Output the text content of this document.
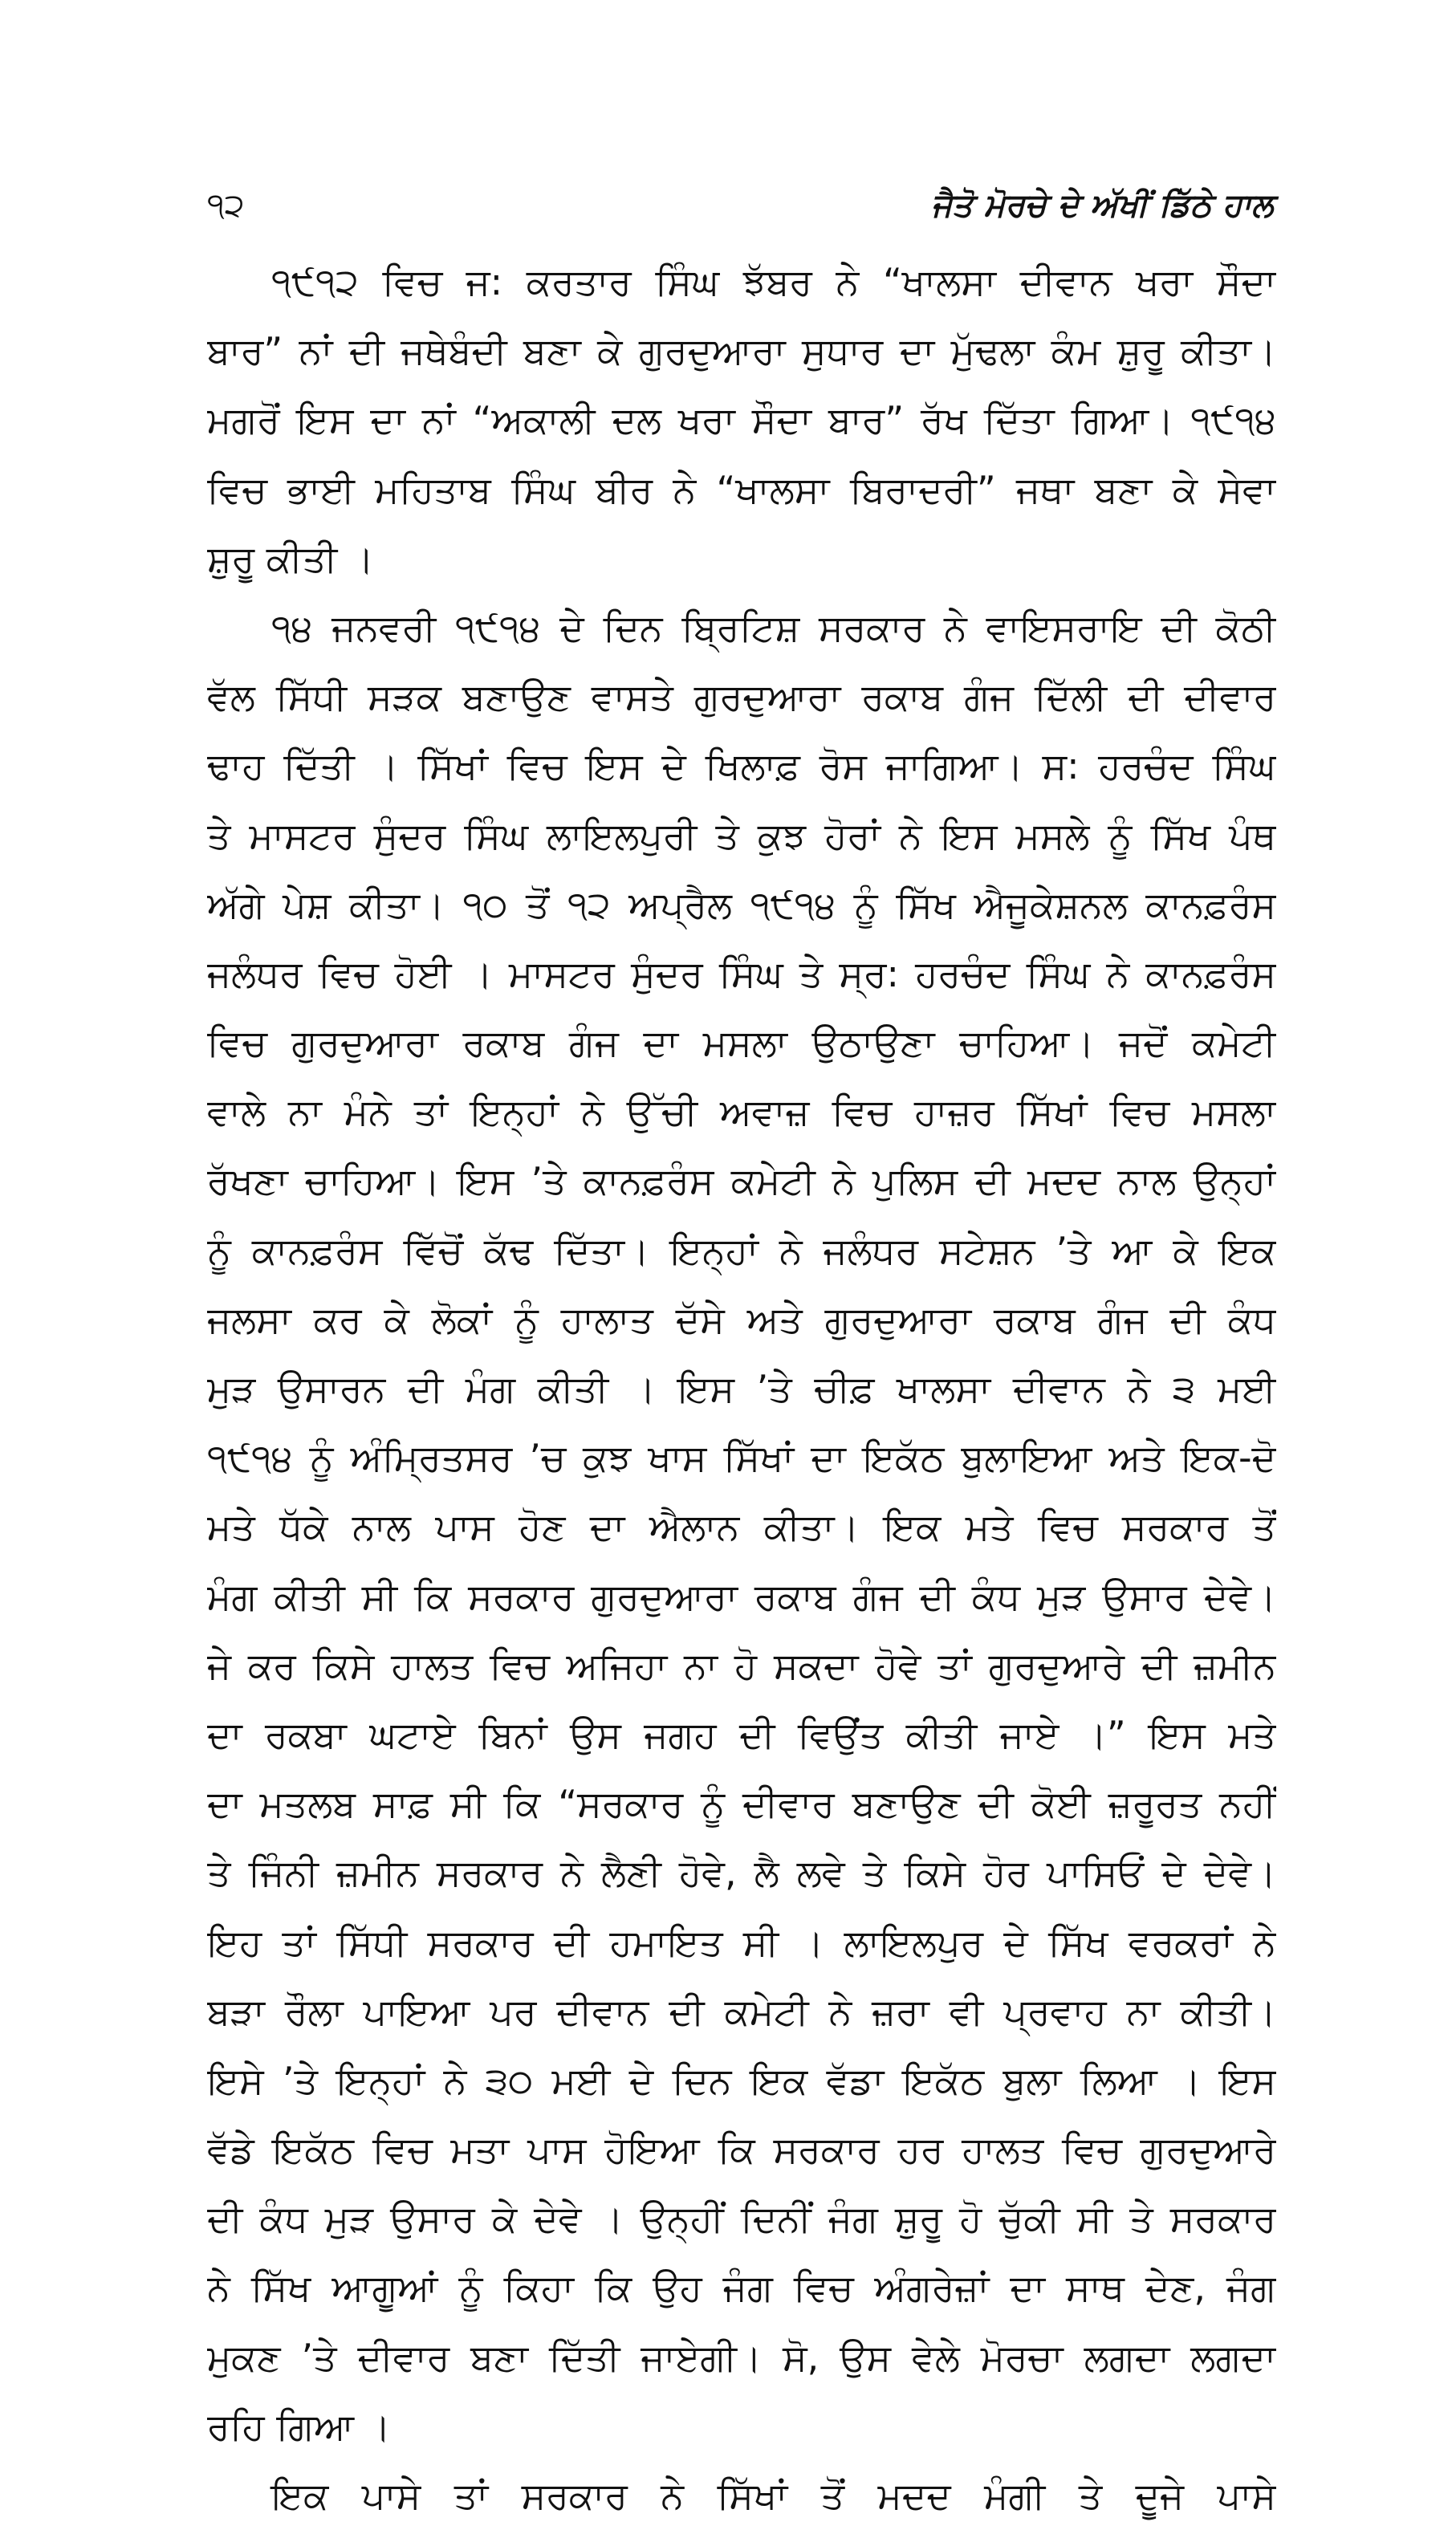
੧੨	ਜੈਤੋ ਮੋਰਚੇ ਦੇ ਅੱਖੀਂ ਡਿੱਠੇ ਹਾਲ
੧੯੧੨ ਵਿਚ ਜ: ਕਰਤਾਰ ਸਿੰਘ ਝੱਬਰ ਨੇ “ਖਾਲਸਾ ਦੀਵਾਨ ਖਰਾ ਸੌਦਾ
ਬਾਰ” ਨਾਂ ਦੀ ਜਥੇਬੰਦੀ ਬਣਾ ਕੇ ਗੁਰਦੁਆਰਾ ਸੁਧਾਰ ਦਾ ਮੁੱਢਲਾ ਕੰਮ ਸ਼ੁਰੂ ਕੀਤਾ।
ਮਗਰੋਂ ਇਸ ਦਾ ਨਾਂ “ਅਕਾਲੀ ਦਲ ਖਰਾ ਸੌਦਾ ਬਾਰ” ਰੱਖ ਦਿੱਤਾ ਗਿਆ। ੧੯੧੪
ਵਿਚ ਭਾਈ ਮਹਿਤਾਬ ਸਿੰਘ ਬੀਰ ਨੇ “ਖਾਲਸਾ ਬਿਰਾਦਰੀ” ਜਥਾ ਬਣਾ ਕੇ ਸੇਵਾ
ਸ਼ੁਰੂ ਕੀਤੀ ।
੧੪ ਜਨਵਰੀ ੧੯੧੪ ਦੇ ਦਿਨ ਬ੍ਰਿਟਿਸ਼ ਸਰਕਾਰ ਨੇ ਵਾਇਸਰਾਇ ਦੀ ਕੋਠੀ
ਵੱਲ ਸਿੱਧੀ ਸੜਕ ਬਣਾਉਣ ਵਾਸਤੇ ਗੁਰਦੁਆਰਾ ਰਕਾਬ ਗੰਜ ਦਿੱਲੀ ਦੀ ਦੀਵਾਰ
ਢਾਹ ਦਿੱਤੀ । ਸਿੱਖਾਂ ਵਿਚ ਇਸ ਦੇ ਖਿਲਾਫ਼ ਰੋਸ ਜਾਗਿਆ। ਸ: ਹਰਚੰਦ ਸਿੰਘ
ਤੇ ਮਾਸਟਰ ਸੁੰਦਰ ਸਿੰਘ ਲਾਇਲਪੁਰੀ ਤੇ ਕੁਝ ਹੋਰਾਂ ਨੇ ਇਸ ਮਸਲੇ ਨੂੰ ਸਿੱਖ ਪੰਥ
ਅੱਗੇ ਪੇਸ਼ ਕੀਤਾ। ੧੦ ਤੋਂ ੧੨ ਅਪ੍ਰੈਲ ੧੯੧੪ ਨੂੰ ਸਿੱਖ ਐਜੂਕੇਸ਼ਨਲ ਕਾਨਫ਼ਰੰਸ
ਜਲੰਧਰ ਵਿਚ ਹੋਈ । ਮਾਸਟਰ ਸੁੰਦਰ ਸਿੰਘ ਤੇ ਸ੍ਰ: ਹਰਚੰਦ ਸਿੰਘ ਨੇ ਕਾਨਫ਼ਰੰਸ
ਵਿਚ ਗੁਰਦੁਆਰਾ ਰਕਾਬ ਗੰਜ ਦਾ ਮਸਲਾ ਉਠਾਉਣਾ ਚਾਹਿਆ। ਜਦੋਂ ਕਮੇਟੀ
ਵਾਲੇ ਨਾ ਮੰਨੇ ਤਾਂ ਇਨ੍ਹਾਂ ਨੇ ਉੱਚੀ ਅਵਾਜ਼ ਵਿਚ ਹਾਜ਼ਰ ਸਿੱਖਾਂ ਵਿਚ ਮਸਲਾ
ਰੱਖਣਾ ਚਾਹਿਆ। ਇਸ ’ਤੇ ਕਾਨਫ਼ਰੰਸ ਕਮੇਟੀ ਨੇ ਪੁਲਿਸ ਦੀ ਮਦਦ ਨਾਲ ਉਨ੍ਹਾਂ
ਨੂੰ ਕਾਨਫ਼ਰੰਸ ਵਿੱਚੋਂ ਕੱਢ ਦਿੱਤਾ। ਇਨ੍ਹਾਂ ਨੇ ਜਲੰਧਰ ਸਟੇਸ਼ਨ ’ਤੇ ਆ ਕੇ ਇਕ
ਜਲਸਾ ਕਰ ਕੇ ਲੋਕਾਂ ਨੂੰ ਹਾਲਾਤ ਦੱਸੇ ਅਤੇ ਗੁਰਦੁਆਰਾ ਰਕਾਬ ਗੰਜ ਦੀ ਕੰਧ
ਮੁੜ ਉਸਾਰਨ ਦੀ ਮੰਗ ਕੀਤੀ । ਇਸ ’ਤੇ ਚੀਫ਼ ਖਾਲਸਾ ਦੀਵਾਨ ਨੇ ੩ ਮਈ
੧੯੧੪ ਨੂੰ ਅੰਮ੍ਰਿਤਸਰ ’ਚ ਕੁਝ ਖਾਸ ਸਿੱਖਾਂ ਦਾ ਇਕੱਠ ਬੁਲਾਇਆ ਅਤੇ ਇਕ-ਦੋ
ਮਤੇ ਧੱਕੇ ਨਾਲ ਪਾਸ ਹੋਣ ਦਾ ਐਲਾਨ ਕੀਤਾ। ਇਕ ਮਤੇ ਵਿਚ ਸਰਕਾਰ ਤੋਂ
ਮੰਗ ਕੀਤੀ ਸੀ ਕਿ ਸਰਕਾਰ ਗੁਰਦੁਆਰਾ ਰਕਾਬ ਗੰਜ ਦੀ ਕੰਧ ਮੁੜ ਉਸਾਰ ਦੇਵੇ।
ਜੇ ਕਰ ਕਿਸੇ ਹਾਲਤ ਵਿਚ ਅਜਿਹਾ ਨਾ ਹੋ ਸਕਦਾ ਹੋਵੇ ਤਾਂ ਗੁਰਦੁਆਰੇ ਦੀ ਜ਼ਮੀਨ
ਦਾ ਰਕਬਾ ਘਟਾਏ ਬਿਨਾਂ ਉਸ ਜਗਹ ਦੀ ਵਿਉਂਤ ਕੀਤੀ ਜਾਏ ।” ਇਸ ਮਤੇ
ਦਾ ਮਤਲਬ ਸਾਫ਼ ਸੀ ਕਿ “ਸਰਕਾਰ ਨੂੰ ਦੀਵਾਰ ਬਣਾਉਣ ਦੀ ਕੋਈ ਜ਼ਰੂਰਤ ਨਹੀਂ
ਤੇ ਜਿੰਨੀ ਜ਼ਮੀਨ ਸਰਕਾਰ ਨੇ ਲੈਣੀ ਹੋਵੇ, ਲੈ ਲਵੇ ਤੇ ਕਿਸੇ ਹੋਰ ਪਾਸਿਓਂ ਦੇ ਦੇਵੇ।
ਇਹ ਤਾਂ ਸਿੱਧੀ ਸਰਕਾਰ ਦੀ ਹਮਾਇਤ ਸੀ । ਲਾਇਲਪੁਰ ਦੇ ਸਿੱਖ ਵਰਕਰਾਂ ਨੇ
ਬੜਾ ਰੌਲਾ ਪਾਇਆ ਪਰ ਦੀਵਾਨ ਦੀ ਕਮੇਟੀ ਨੇ ਜ਼ਰਾ ਵੀ ਪ੍ਰਵਾਹ ਨਾ ਕੀਤੀ।
ਇਸੇ ’ਤੇ ਇਨ੍ਹਾਂ ਨੇ ੩੦ ਮਈ ਦੇ ਦਿਨ ਇਕ ਵੱਡਾ ਇਕੱਠ ਬੁਲਾ ਲਿਆ । ਇਸ
ਵੱਡੇ ਇਕੱਠ ਵਿਚ ਮਤਾ ਪਾਸ ਹੋਇਆ ਕਿ ਸਰਕਾਰ ਹਰ ਹਾਲਤ ਵਿਚ ਗੁਰਦੁਆਰੇ
ਦੀ ਕੰਧ ਮੁੜ ਉਸਾਰ ਕੇ ਦੇਵੇ । ਉਨ੍ਹੀਂ ਦਿਨੀਂ ਜੰਗ ਸ਼ੁਰੂ ਹੋ ਚੁੱਕੀ ਸੀ ਤੇ ਸਰਕਾਰ
ਨੇ ਸਿੱਖ ਆਗੂਆਂ ਨੂੰ ਕਿਹਾ ਕਿ ਉਹ ਜੰਗ ਵਿਚ ਅੰਗਰੇਜ਼ਾਂ ਦਾ ਸਾਥ ਦੇਣ, ਜੰਗ
ਮੁਕਣ ’ਤੇ ਦੀਵਾਰ ਬਣਾ ਦਿੱਤੀ ਜਾਏਗੀ। ਸੋ, ਉਸ ਵੇਲੇ ਮੋਰਚਾ ਲਗਦਾ ਲਗਦਾ
ਰਹਿ ਗਿਆ ।
ਇਕ ਪਾਸੇ ਤਾਂ ਸਰਕਾਰ ਨੇ ਸਿੱਖਾਂ ਤੋਂ ਮਦਦ ਮੰਗੀ ਤੇ ਦੂਜੇ ਪਾਸੇ
